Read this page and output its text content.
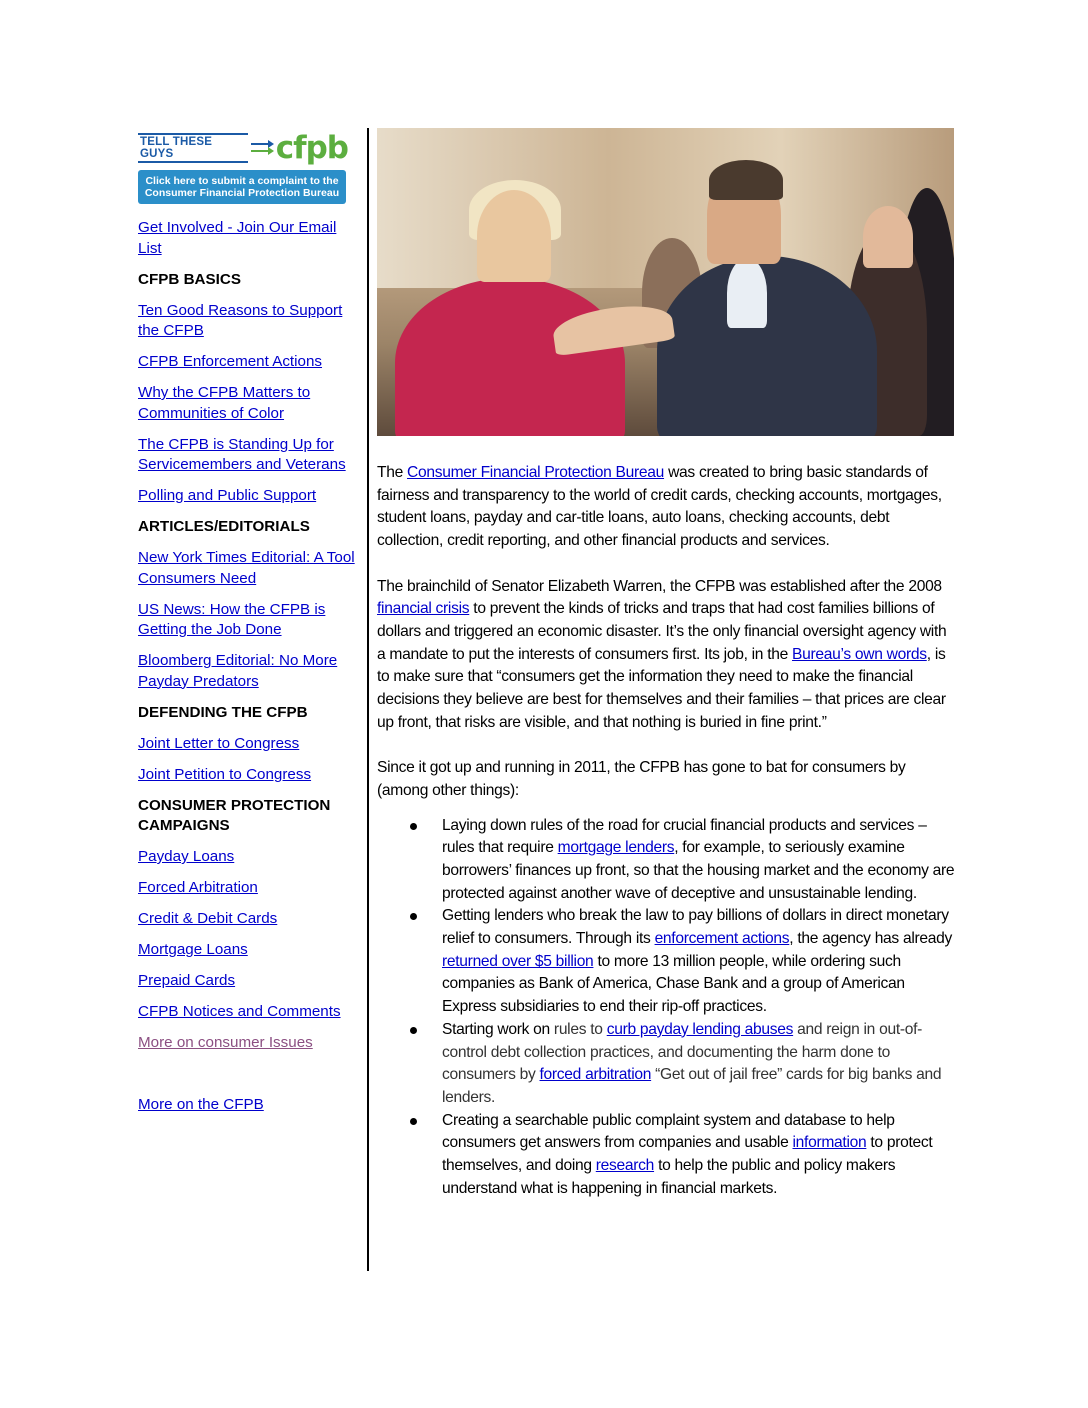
TELL THESE GUYS	cfpb
Click here to submit a complaint to the
Consumer Financial Protection Bureau
Get Involved - Join Our Email List
CFPB BASICS
Ten Good Reasons to Support the CFPB
CFPB Enforcement Actions
Why the CFPB Matters to Communities of Color
The CFPB is Standing Up for Servicemembers and Veterans
Polling and Public Support
ARTICLES/EDITORIALS
New York Times Editorial: A Tool Consumers Need
US News: How the CFPB is Getting the Job Done
Bloomberg Editorial: No More Payday Predators
DEFENDING THE CFPB
Joint Letter to Congress
Joint Petition to Congress
CONSUMER PROTECTION CAMPAIGNS
Payday Loans
Forced Arbitration
Credit & Debit Cards
Mortgage Loans
Prepaid Cards
CFPB Notices and Comments
More on consumer Issues
More on the CFPB

The Consumer Financial Protection Bureau was created to bring basic standards of fairness and transparency to the world of credit cards, checking accounts, mortgages, student loans, payday and car-title loans, auto loans, checking accounts, debt collection, credit reporting, and other financial products and services.

The brainchild of Senator Elizabeth Warren, the CFPB was established after the 2008 financial crisis to prevent the kinds of tricks and traps that had cost families billions of dollars and triggered an economic disaster. It’s the only financial oversight agency with a mandate to put the interests of consumers first. Its job, in the Bureau’s own words, is to make sure that “consumers get the information they need to make the financial decisions they believe are best for themselves and their families – that prices are clear up front, that risks are visible, and that nothing is buried in fine print.”

Since it got up and running in 2011, the CFPB has gone to bat for consumers by (among other things):

Laying down rules of the road for crucial financial products and services – rules that require mortgage lenders, for example, to seriously examine borrowers’ finances up front, so that the housing market and the economy are protected against another wave of deceptive and unsustainable lending.
Getting lenders who break the law to pay billions of dollars in direct monetary relief to consumers. Through its enforcement actions, the agency has already returned over $5 billion to more 13 million people, while ordering such companies as Bank of America, Chase Bank and a group of American Express subsidiaries to end their rip-off practices.
Starting work on rules to curb payday lending abuses and reign in out-of-control debt collection practices, and documenting the harm done to consumers by forced arbitration “Get out of jail free” cards for big banks and lenders.
Creating a searchable public complaint system and database to help consumers get answers from companies and usable information to protect themselves, and doing research to help the public and policy makers understand what is happening in financial markets.
